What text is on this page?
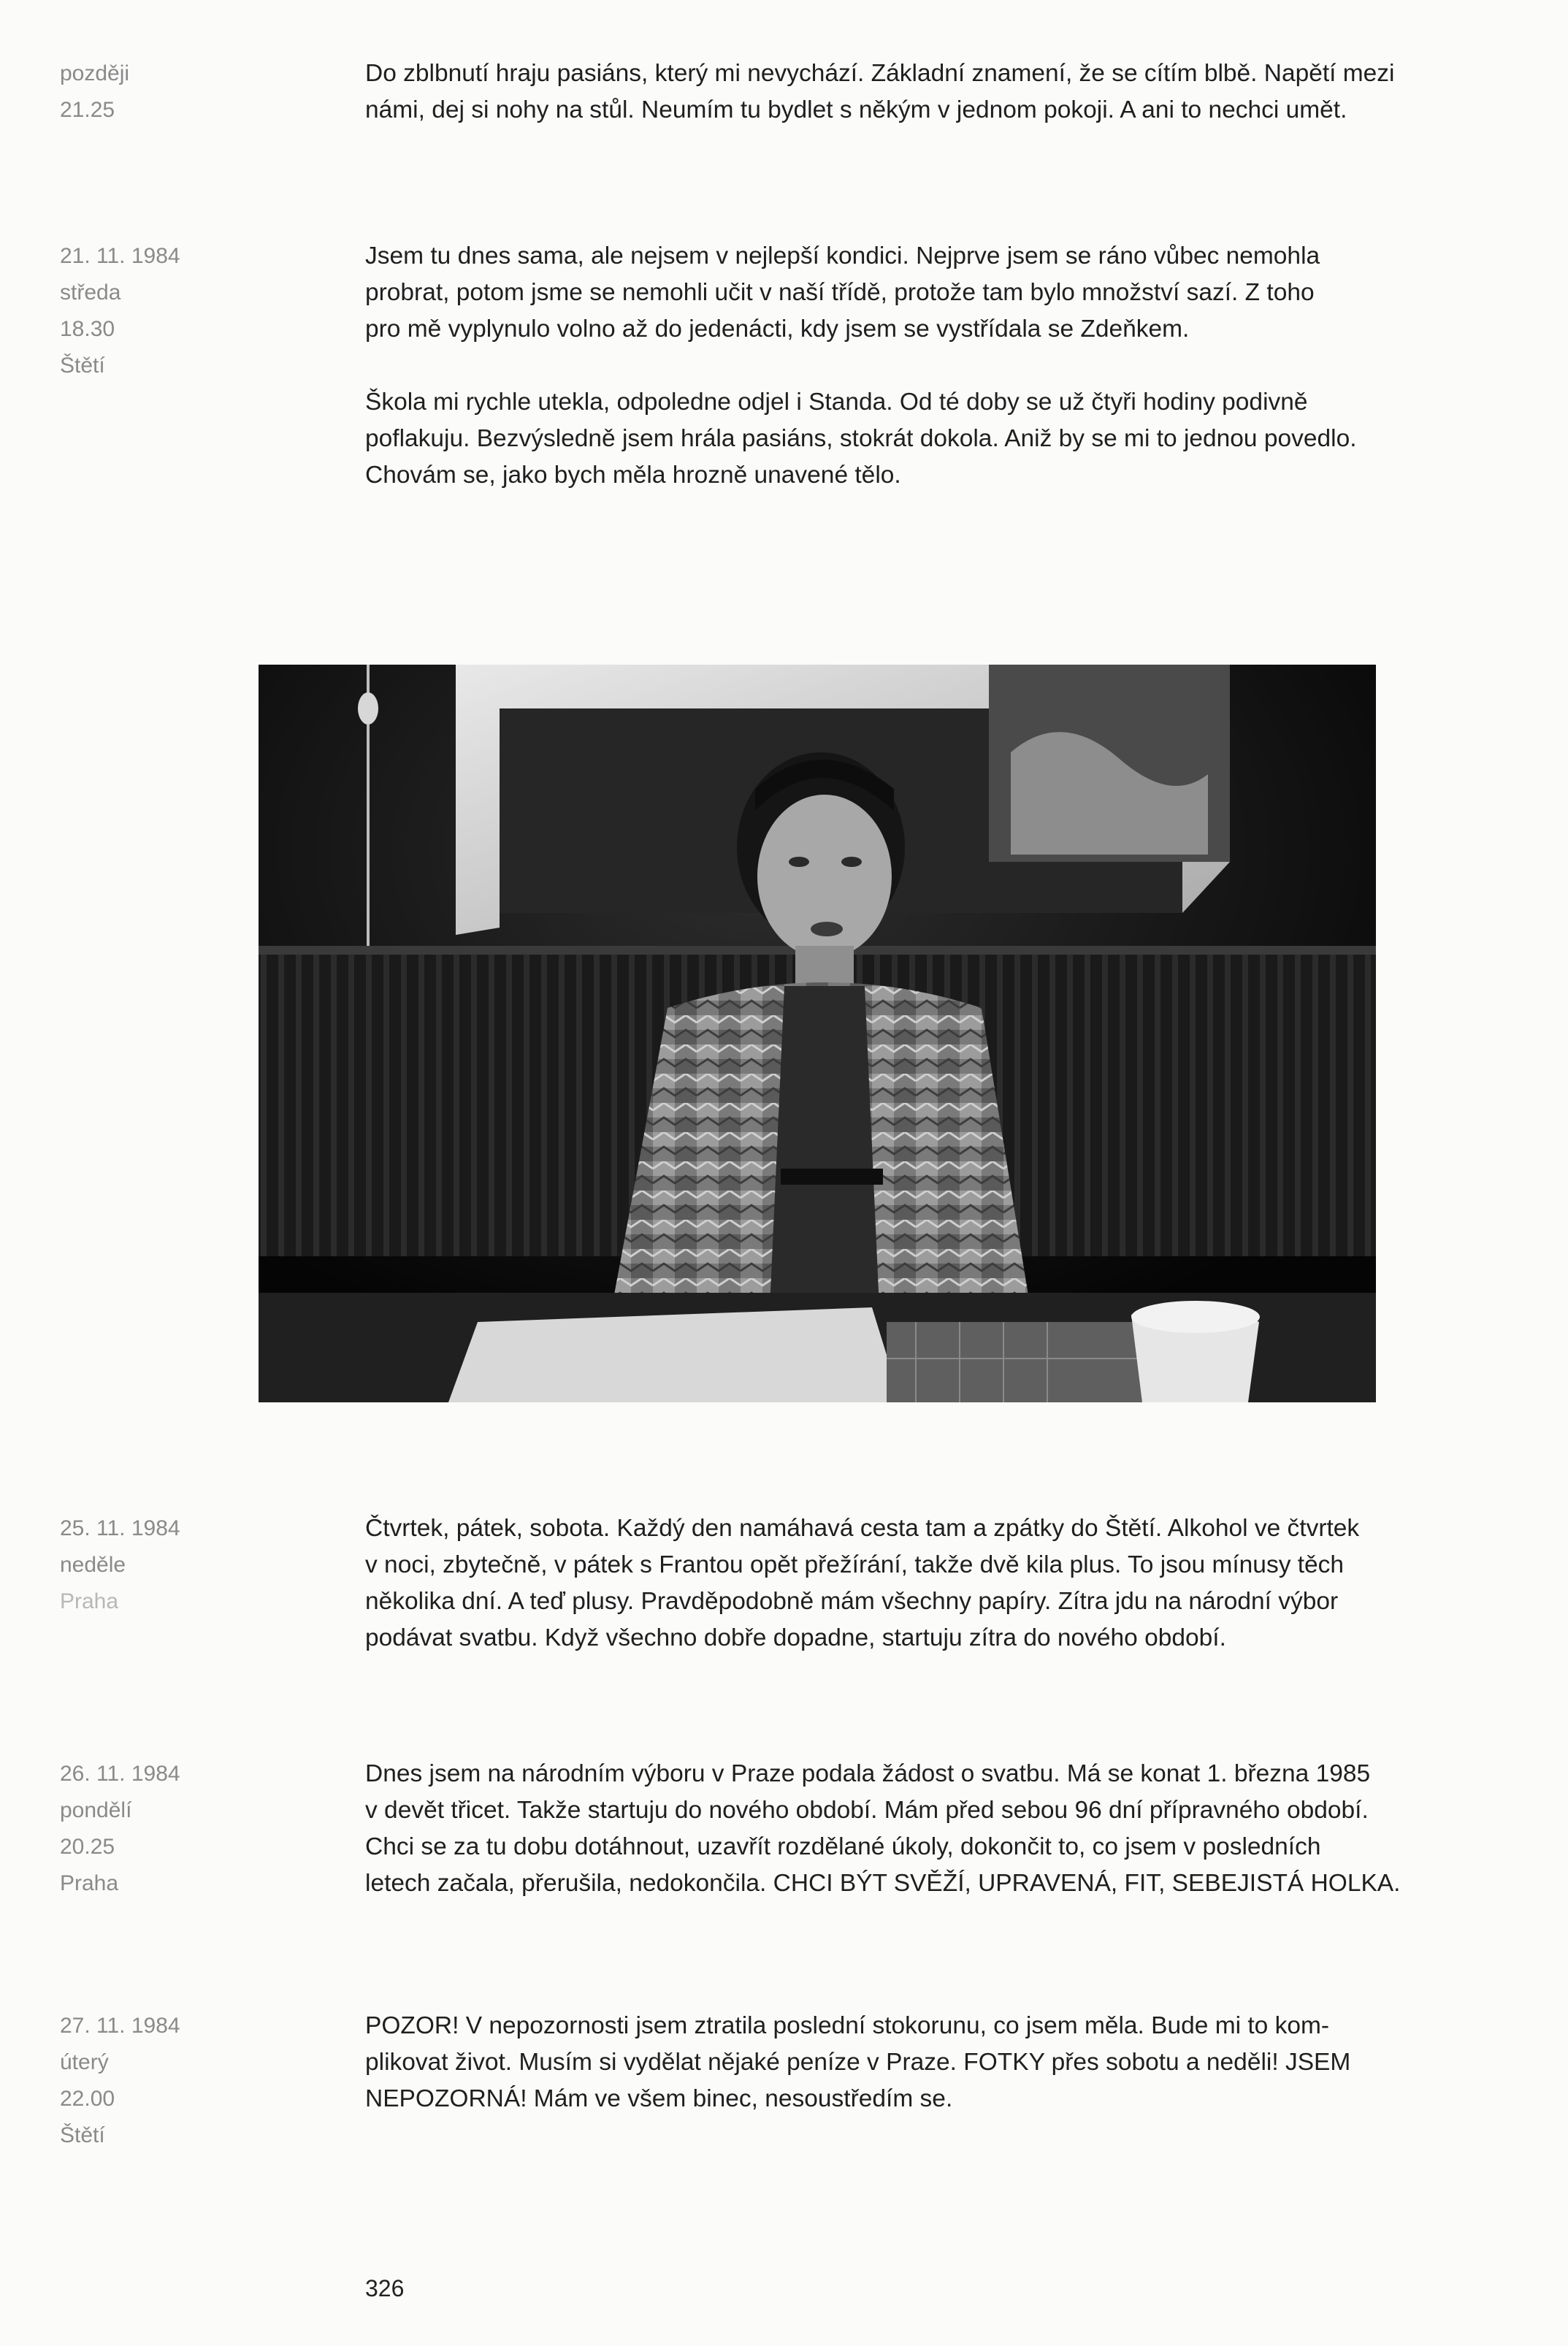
později
21.25

Do zblbnutí hraju pasiáns, který mi nevychází. Základní znamení, že se cítím blbě. Napětí mezi

námi, dej si nohy na stůl. Neumím tu bydlet s někým v jednom pokoji. A ani to nechci umět.

21. 11. 1984
středa
18.30
Štětí

Jsem tu dnes sama, ale nejsem v nejlepší kondici. Nejprve jsem se ráno vůbec nemohla

probrat, potom jsme se nemohli učit v naší třídě, protože tam bylo množství sazí. Z toho

pro mě vyplynulo volno až do jedenácti, kdy jsem se vystřídala se Zdeňkem.

Škola mi rychle utekla, odpoledne odjel i Standa. Od té doby se už čtyři hodiny podivně

poflakuju. Bezvýsledně jsem hrála pasiáns, stokrát dokola. Aniž by se mi to jednou povedlo.

Chovám se, jako bych měla hrozně unavené tělo.

25. 11. 1984
neděle
Praha

Čtvrtek, pátek, sobota. Každý den namáhavá cesta tam a zpátky do Štětí. Alkohol ve čtvrtek

v noci, zbytečně, v pátek s Frantou opět přežírání, takže dvě kila plus. To jsou mínusy těch

několika dní. A teď plusy. Pravděpodobně mám všechny papíry. Zítra jdu na národní výbor

podávat svatbu. Když všechno dobře dopadne, startuju zítra do nového období.

26. 11. 1984
pondělí
20.25
Praha

Dnes jsem na národním výboru v Praze podala žádost o svatbu. Má se konat 1. března 1985

v devět třicet. Takže startuju do nového období. Mám před sebou 96 dní přípravného období.

Chci se za tu dobu dotáhnout, uzavřít rozdělané úkoly, dokončit to, co jsem v posledních

letech začala, přerušila, nedokončila. CHCI BÝT SVĚŽÍ, UPRAVENÁ, FIT, SEBEJISTÁ HOLKA.

27. 11. 1984
úterý
22.00
Štětí

POZOR! V nepozornosti jsem ztratila poslední stokorunu, co jsem měla. Bude mi to kom-

plikovat život. Musím si vydělat nějaké peníze v Praze. FOTKY přes sobotu a neděli! JSEM

NEPOZORNÁ! Mám ve všem binec, nesoustředím se.

326
